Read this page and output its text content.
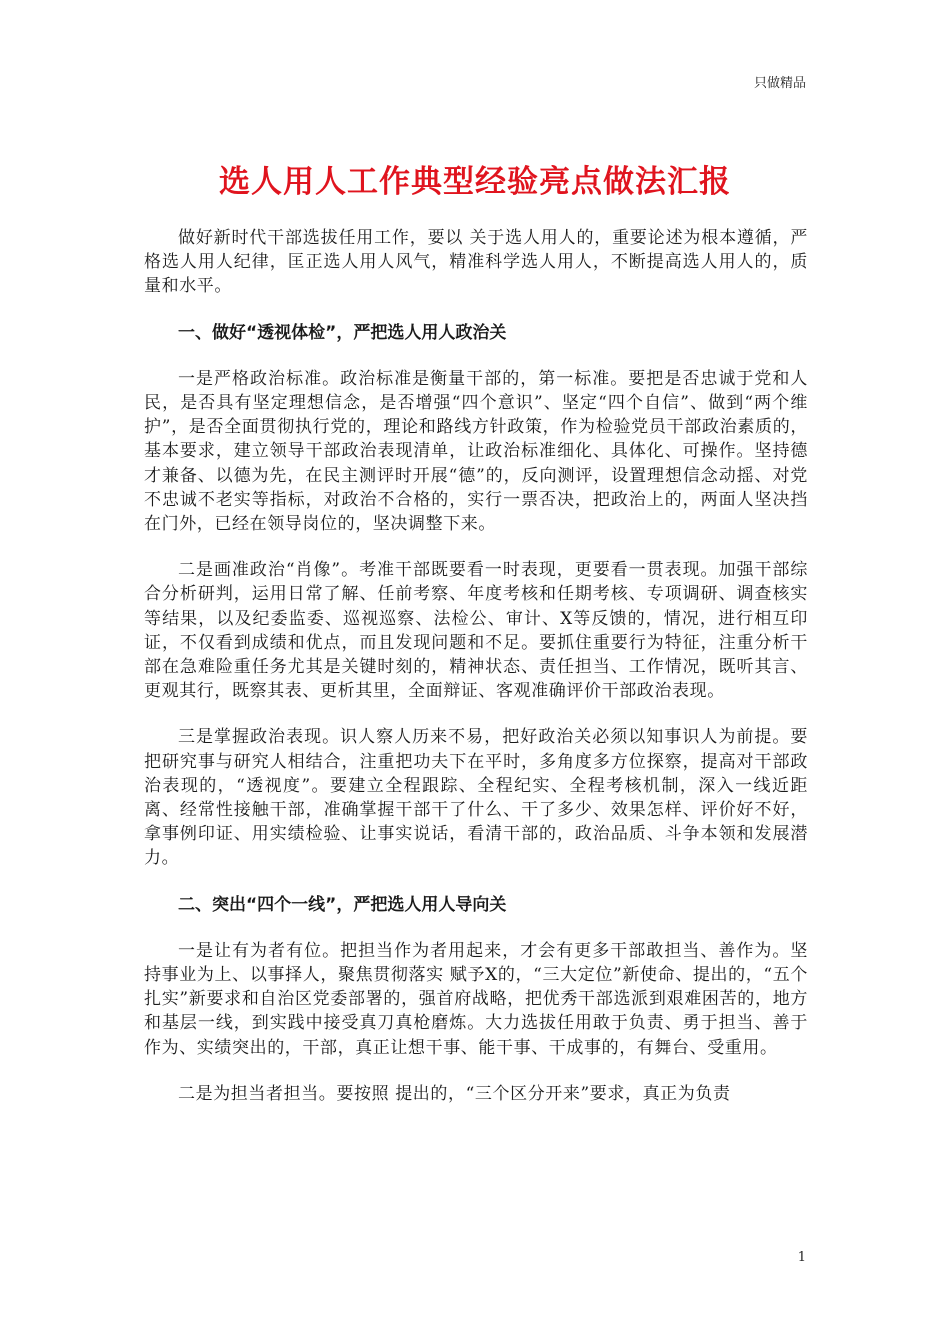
只做精品
选人用人工作典型经验亮点做法汇报

做好新时代干部选拔任用工作，要以 关于选人用人的，重要论述为根本遵循，严格选人用人纪律，匡正选人用人风气，精准科学选人用人，不断提高选人用人的，质量和水平。

一、做好“透视体检”，严把选人用人政治关

一是严格政治标准。政治标准是衡量干部的，第一标准。要把是否忠诚于党和人民，是否具有坚定理想信念，是否增强“四个意识”、坚定“四个自信”、做到“两个维护”，是否全面贯彻执行党的，理论和路线方针政策，作为检验党员干部政治素质的，基本要求，建立领导干部政治表现清单，让政治标准细化、具体化、可操作。坚持德才兼备、以德为先，在民主测评时开展“德”的，反向测评，设置理想信念动摇、对党不忠诚不老实等指标，对政治不合格的，实行一票否决，把政治上的，两面人坚决挡在门外，已经在领导岗位的，坚决调整下来。

二是画准政治“肖像”。考准干部既要看一时表现，更要看一贯表现。加强干部综合分析研判，运用日常了解、任前考察、年度考核和任期考核、专项调研、调查核实等结果，以及纪委监委、巡视巡察、法检公、审计、X等反馈的，情况，进行相互印证，不仅看到成绩和优点，而且发现问题和不足。要抓住重要行为特征，注重分析干部在急难险重任务尤其是关键时刻的，精神状态、责任担当、工作情况，既听其言、更观其行，既察其表、更析其里，全面辩证、客观准确评价干部政治表现。

三是掌握政治表现。识人察人历来不易，把好政治关必须以知事识人为前提。要把研究事与研究人相结合，注重把功夫下在平时，多角度多方位探察，提高对干部政治表现的，“透视度”。要建立全程跟踪、全程纪实、全程考核机制，深入一线近距离、经常性接触干部，准确掌握干部干了什么、干了多少、效果怎样、评价好不好，拿事例印证、用实绩检验、让事实说话，看清干部的，政治品质、斗争本领和发展潜力。

二、突出“四个一线”，严把选人用人导向关

一是让有为者有位。把担当作为者用起来，才会有更多干部敢担当、善作为。坚持事业为上、以事择人，聚焦贯彻落实 赋予X的，“三大定位”新使命、提出的，“五个扎实”新要求和自治区党委部署的，强首府战略，把优秀干部选派到艰难困苦的，地方和基层一线，到实践中接受真刀真枪磨炼。大力选拔任用敢于负责、勇于担当、善于作为、实绩突出的，干部，真正让想干事、能干事、干成事的，有舞台、受重用。

二是为担当者担当。要按照 提出的，“三个区分开来”要求，真正为负责

1
